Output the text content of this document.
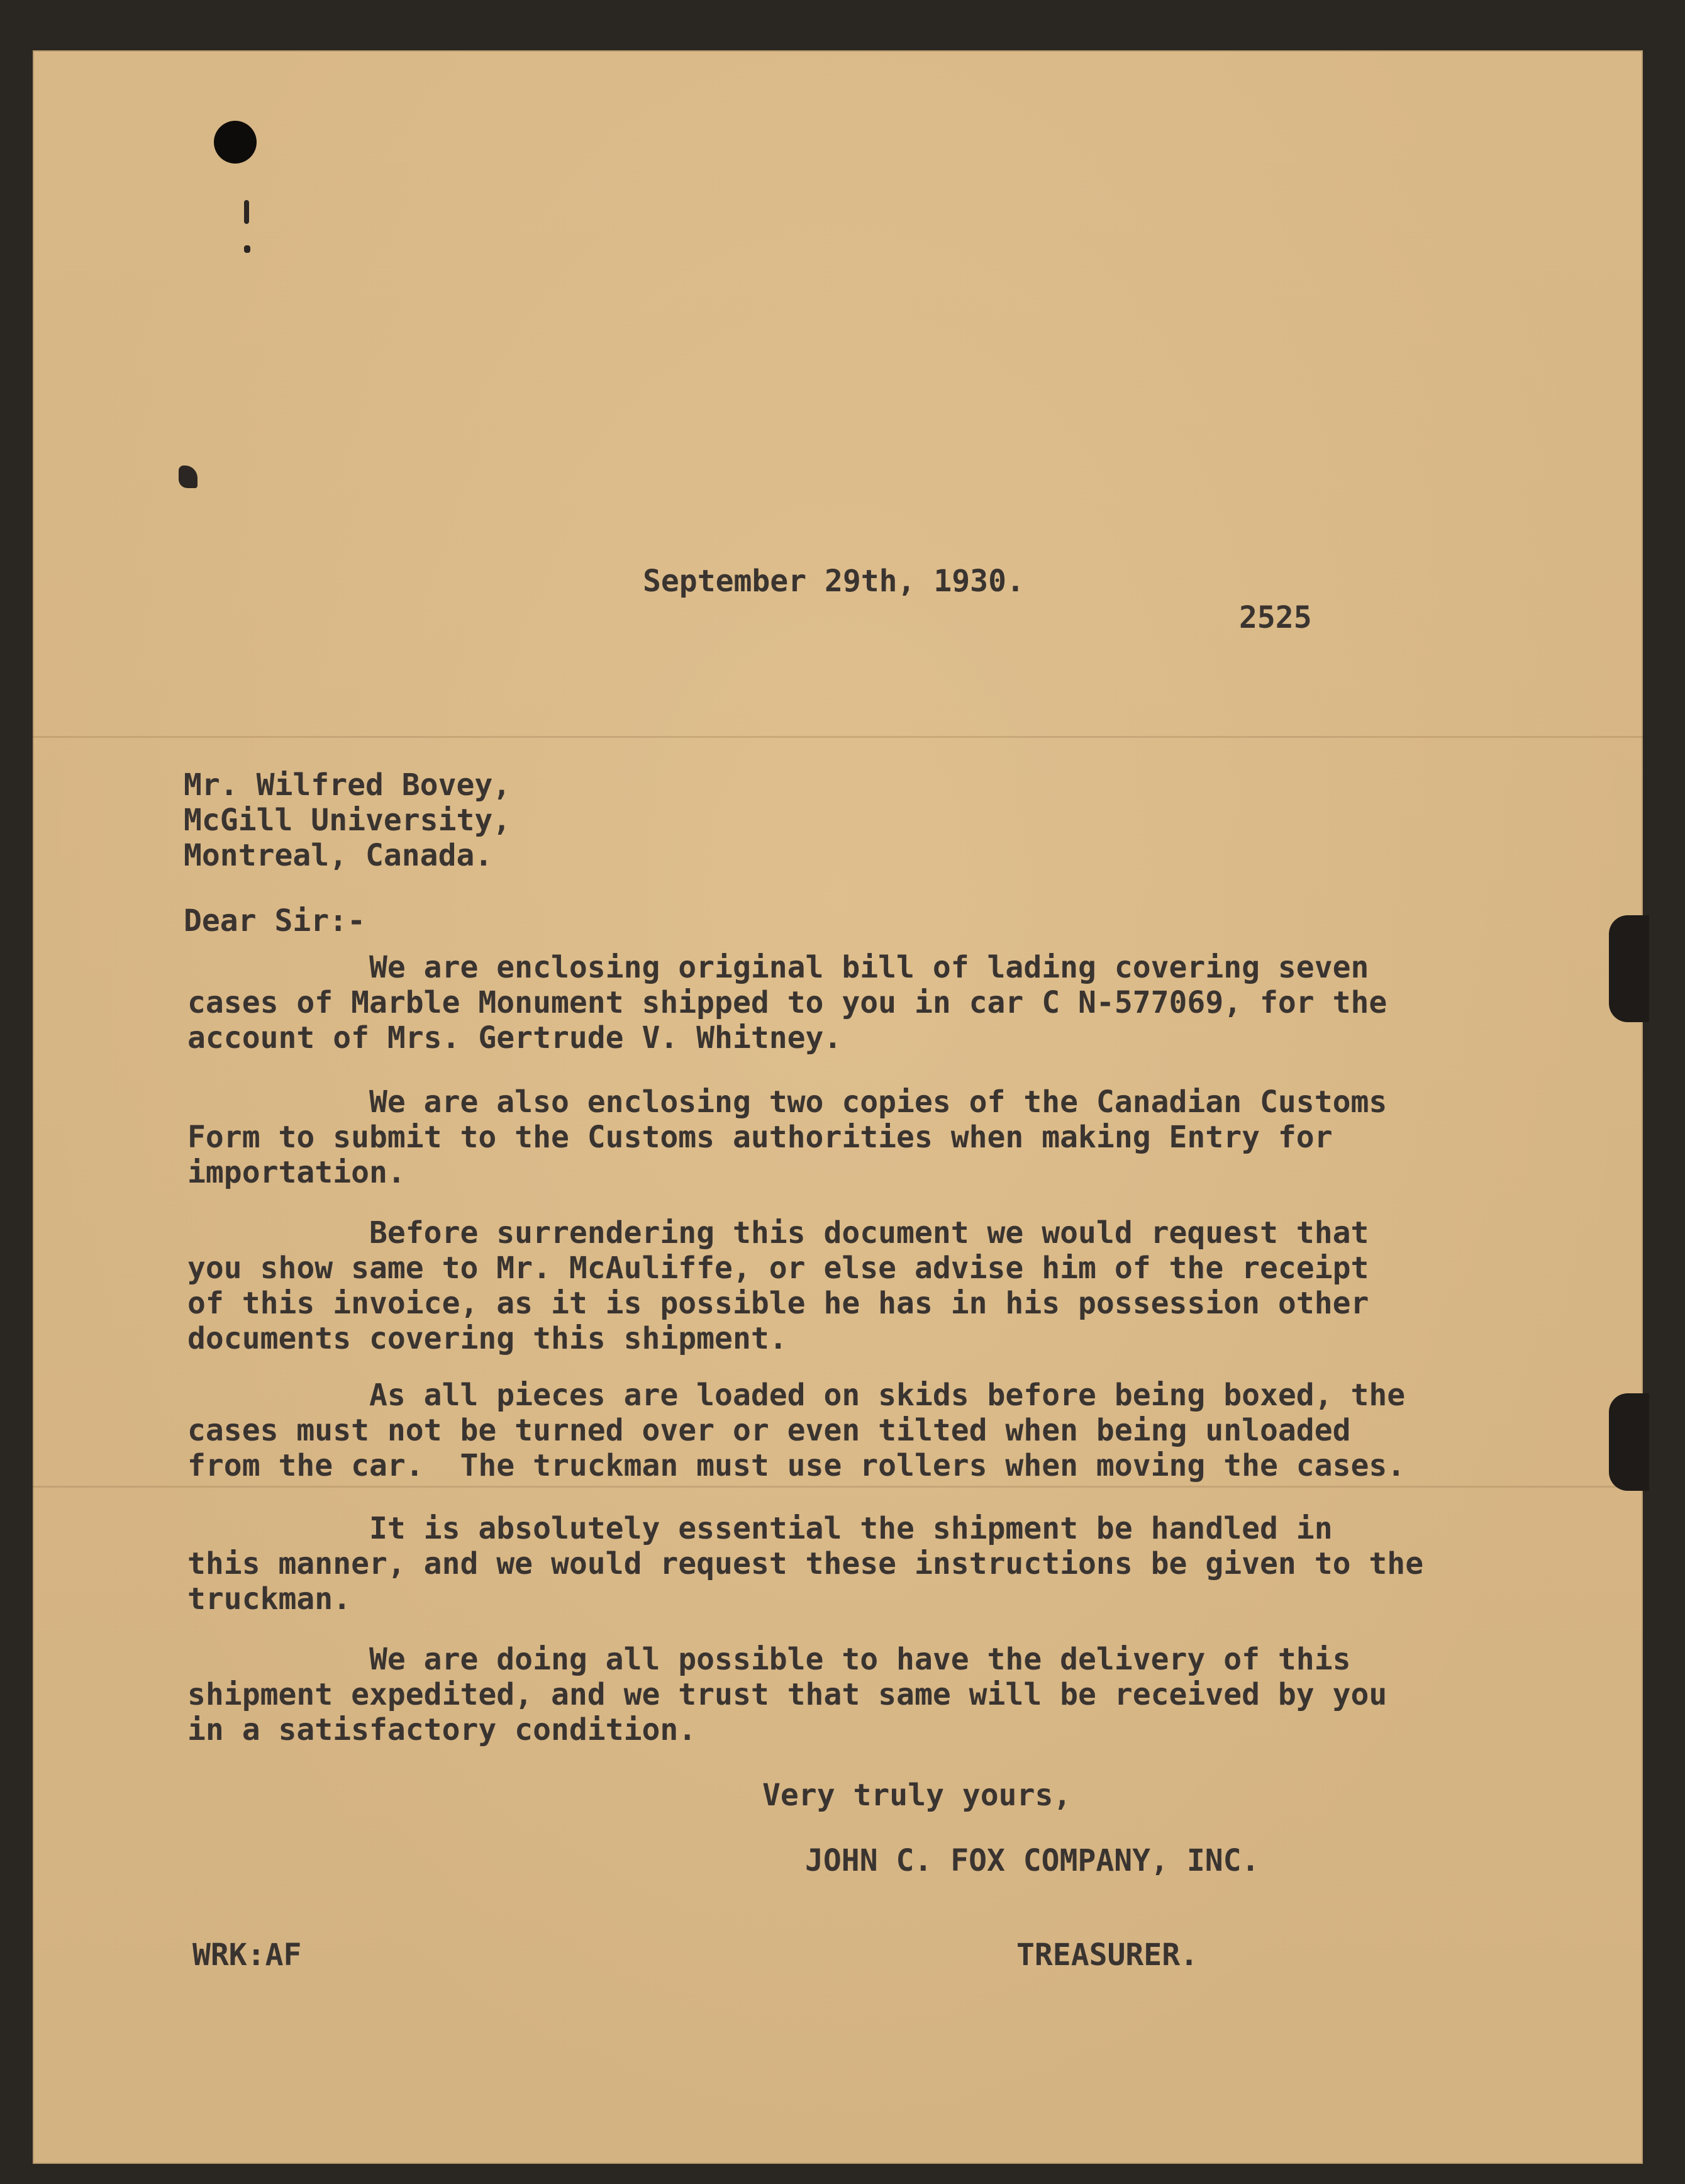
September 29th, 1930.

2525

Mr. Wilfred Bovey,

McGill University,

Montreal, Canada.

Dear Sir:-

We are enclosing original bill of lading covering seven

cases of Marble Monument shipped to you in car C N-577069, for the

account of Mrs. Gertrude V. Whitney.

We are also enclosing two copies of the Canadian Customs

Form to submit to the Customs authorities when making Entry for

importation.

Before surrendering this document we would request that

you show same to Mr. McAuliffe, or else advise him of the receipt

of this invoice, as it is possible he has in his possession other

documents covering this shipment.

As all pieces are loaded on skids before being boxed, the

cases must not be turned over or even tilted when being unloaded

from the car.  The truckman must use rollers when moving the cases.

It is absolutely essential the shipment be handled in

this manner, and we would request these instructions be given to the

truckman.

We are doing all possible to have the delivery of this

shipment expedited, and we trust that same will be received by you

in a satisfactory condition.

Very truly yours,

JOHN C. FOX COMPANY, INC.

WRK:AF	TREASURER.
